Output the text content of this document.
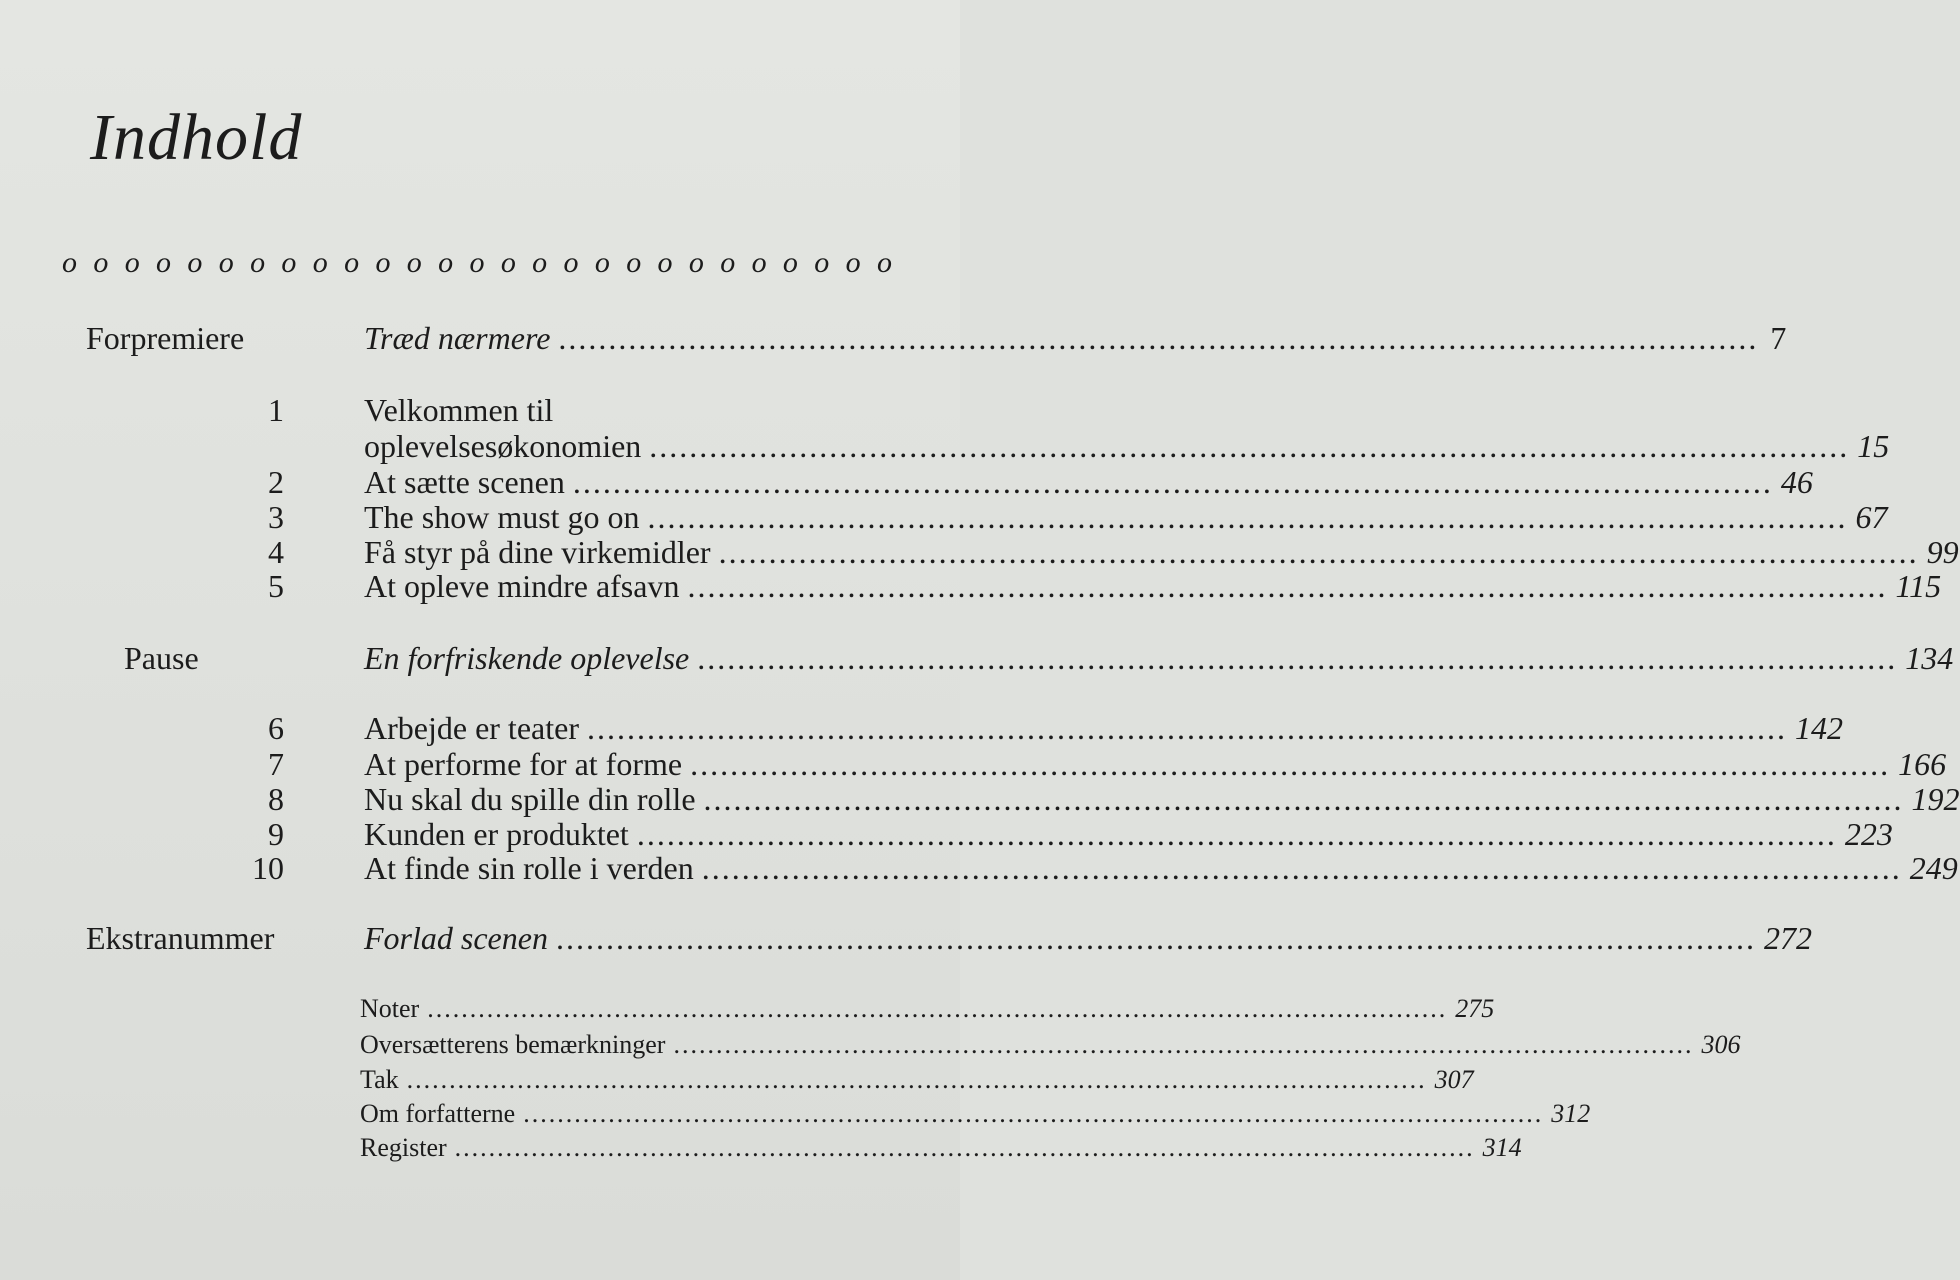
Indhold
o o o o o o o o o o o o o o o o o o o o o o o o o o o
Forpremiere	Træd nærmere ........................................................................................................................ 7
1	Velkommen til
oplevelsesøkonomien ........................................................................................................................ 15
2	At sætte scenen ........................................................................................................................ 46
3	The show must go on ........................................................................................................................ 67
4	Få styr på dine virkemidler ........................................................................................................................ 99
5	At opleve mindre afsavn ........................................................................................................................ 115
Pause	En forfriskende oplevelse ........................................................................................................................ 134
6	Arbejde er teater ........................................................................................................................ 142
7	At performe for at forme ........................................................................................................................ 166
8	Nu skal du spille din rolle ........................................................................................................................ 192
9	Kunden er produktet ........................................................................................................................ 223
10	At finde sin rolle i verden ........................................................................................................................ 249
Ekstranummer	Forlad scenen ........................................................................................................................ 272
Noter ........................................................................................................................ 275
Oversætterens bemærkninger ........................................................................................................................ 306
Tak ........................................................................................................................ 307
Om forfatterne ........................................................................................................................ 312
Register ........................................................................................................................ 314
